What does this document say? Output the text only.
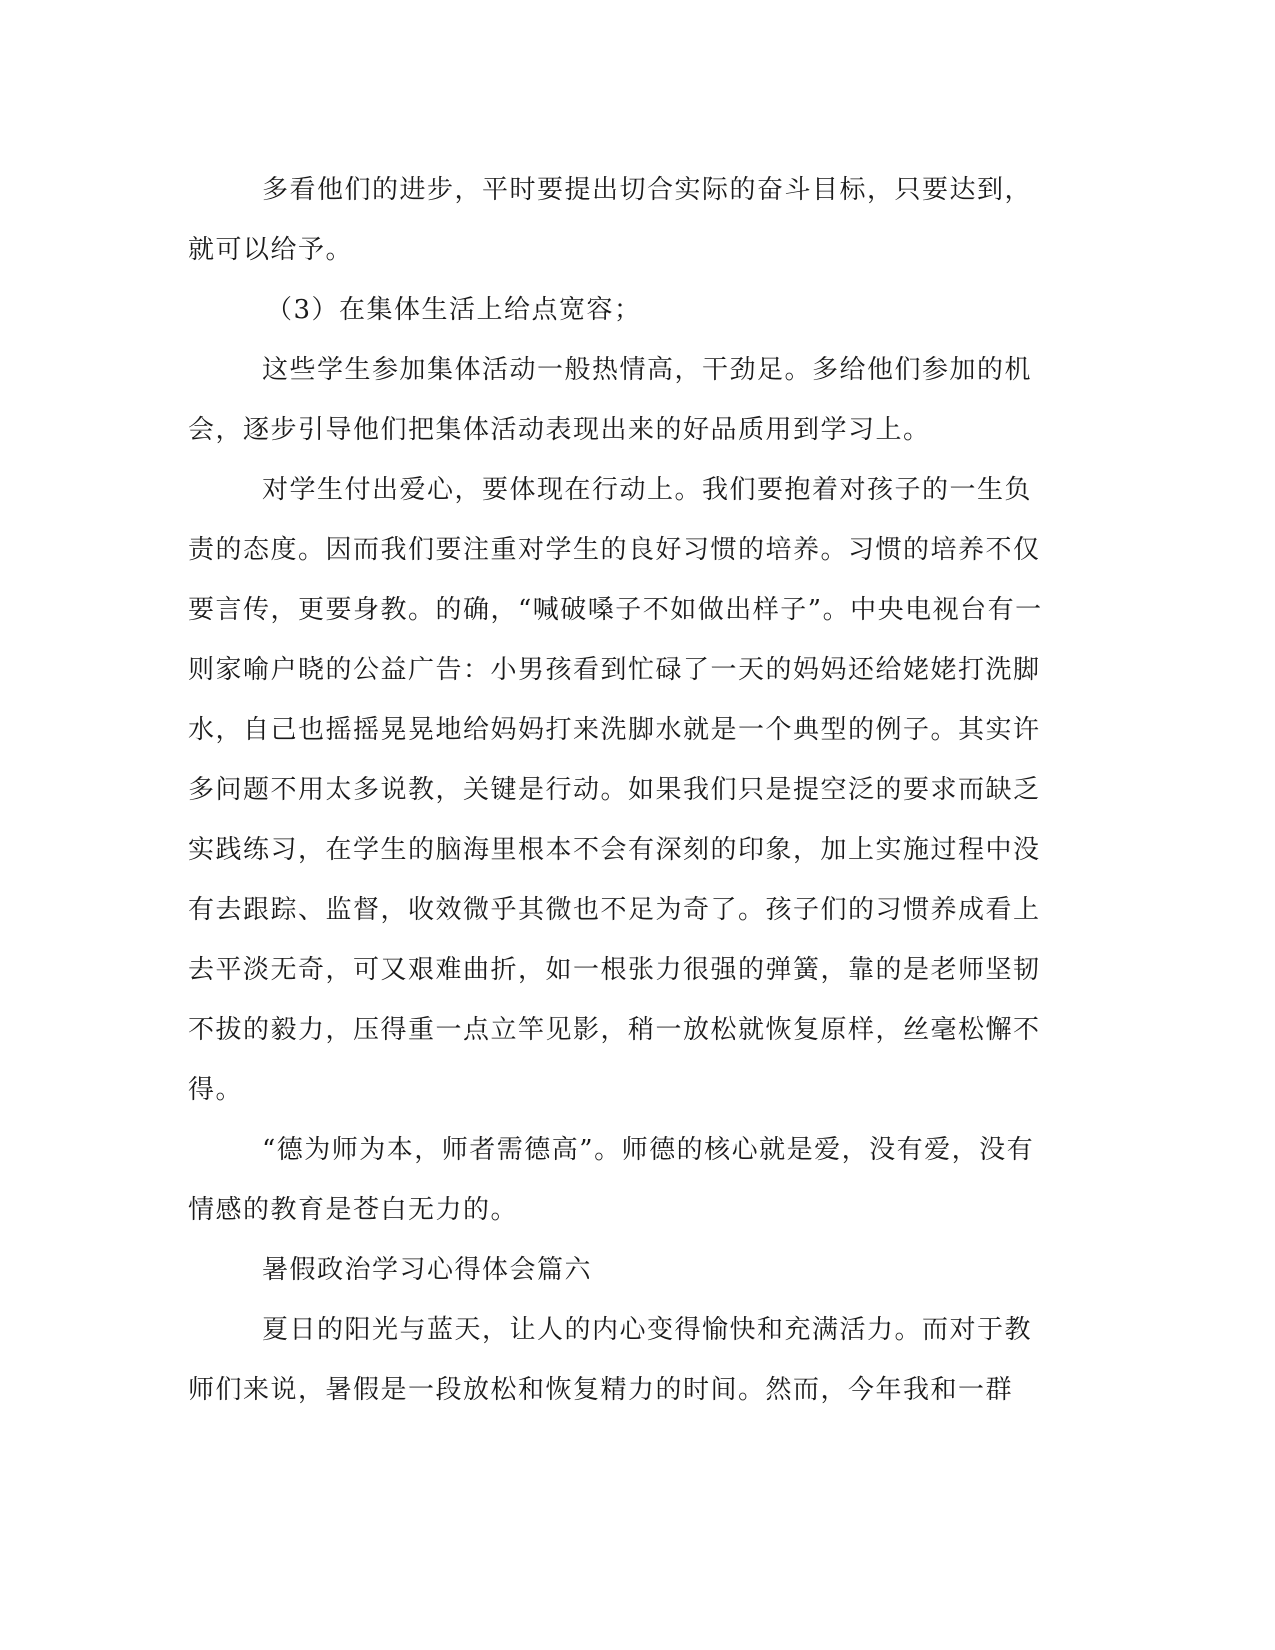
多看他们的进步，平时要提出切合实际的奋斗目标，只要达到，就可以给予。

（3）在集体生活上给点宽容；

这些学生参加集体活动一般热情高，干劲足。多给他们参加的机会，逐步引导他们把集体活动表现出来的好品质用到学习上。

对学生付出爱心，要体现在行动上。我们要抱着对孩子的一生负责的态度。因而我们要注重对学生的良好习惯的培养。习惯的培养不仅要言传，更要身教。的确，“喊破嗓子不如做出样子”。中央电视台有一则家喻户晓的公益广告：小男孩看到忙碌了一天的妈妈还给姥姥打洗脚水，自己也摇摇晃晃地给妈妈打来洗脚水就是一个典型的例子。其实许多问题不用太多说教，关键是行动。如果我们只是提空泛的要求而缺乏实践练习，在学生的脑海里根本不会有深刻的印象，加上实施过程中没有去跟踪、监督，收效微乎其微也不足为奇了。孩子们的习惯养成看上去平淡无奇，可又艰难曲折，如一根张力很强的弹簧，靠的是老师坚韧不拔的毅力，压得重一点立竿见影，稍一放松就恢复原样，丝毫松懈不得。

“德为师为本，师者需德高”。师德的核心就是爱，没有爱，没有情感的教育是苍白无力的。

暑假政治学习心得体会篇六

夏日的阳光与蓝天，让人的内心变得愉快和充满活力。而对于教师们来说，暑假是一段放松和恢复精力的时间。然而，今年我和一群
